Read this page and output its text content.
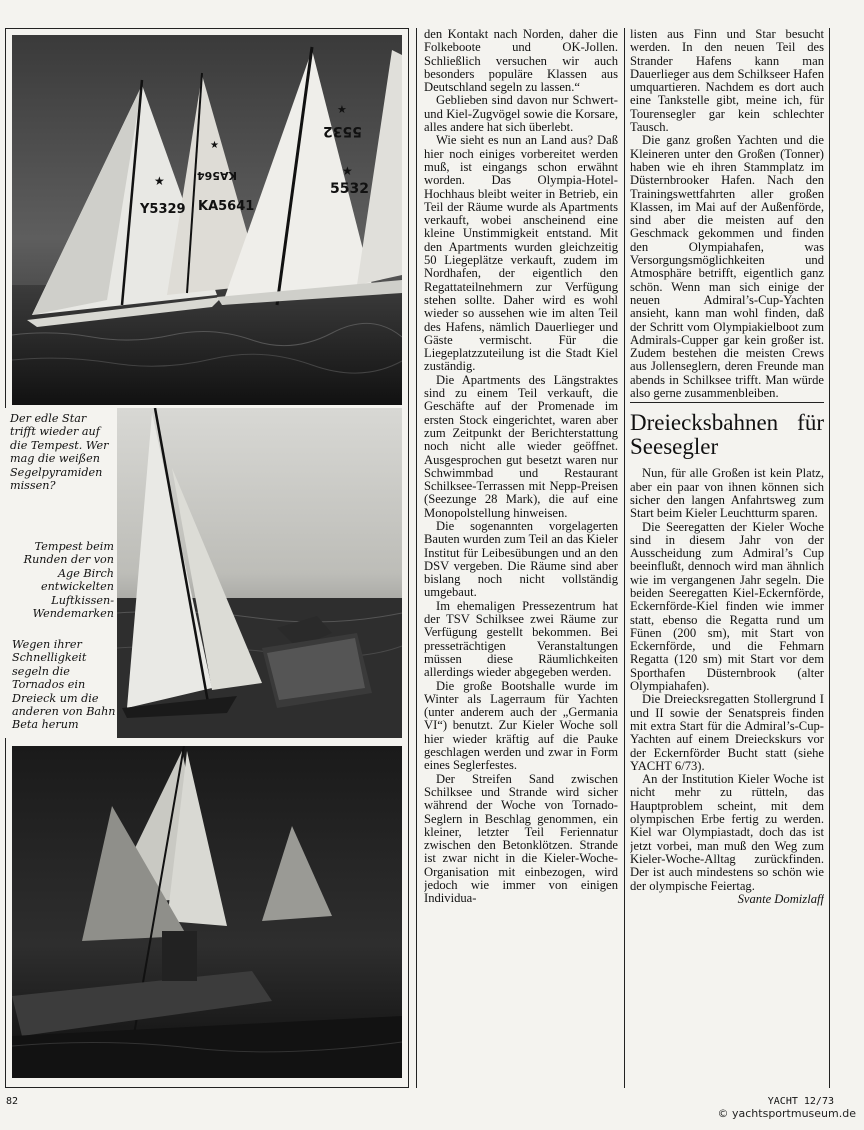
★
★
★
★
Y5329
KA564
KA5641
5532
5532
Der edle Star trifft wieder auf die Tempest. Wer mag die weißen Segelpyramiden missen?
Tempest beim Runden der von Age Birch entwickelten Luftkissen-Wendemarken
Wegen ihrer Schnelligkeit segeln die Tornados ein Dreieck um die anderen von Bahn Beta herum

den Kontakt nach Norden, daher die Folkeboote und OK-Jollen. Schließlich versuchen wir auch besonders populäre Klassen aus Deutschland segeln zu lassen.“

Geblieben sind davon nur Schwert- und Kiel-Zugvögel sowie die Korsare, alles andere hat sich überlebt.

Wie sieht es nun an Land aus? Daß hier noch einiges vorbereitet werden muß, ist eingangs schon erwähnt worden. Das Olympia-Hotel-Hochhaus bleibt weiter in Betrieb, ein Teil der Räume wurde als Apartments verkauft, wobei anscheinend eine kleine Unstimmigkeit entstand. Mit den Apartments wurden gleichzeitig 50 Liegeplätze verkauft, zudem im Nordhafen, der eigentlich den Regattateilnehmern zur Verfügung stehen sollte. Daher wird es wohl wieder so aussehen wie im alten Teil des Hafens, nämlich Dauerlieger und Gäste vermischt. Für die Liegeplatzzuteilung ist die Stadt Kiel zuständig.

Die Apartments des Längstraktes sind zu einem Teil verkauft, die Geschäfte auf der Promenade im ersten Stock eingerichtet, waren aber zum Zeitpunkt der Berichterstattung noch nicht alle wieder geöffnet. Ausgesprochen gut besetzt waren nur Schwimmbad und Restaurant Schilksee-Terrassen mit Nepp-Preisen (Seezunge 28 Mark), die auf eine Monopolstellung hinweisen.

Die sogenannten vorgelagerten Bauten wurden zum Teil an das Kieler Institut für Leibesübungen und an den DSV vergeben. Die Räume sind aber bislang noch nicht vollständig umgebaut.

Im ehemaligen Pressezentrum hat der TSV Schilksee zwei Räume zur Verfügung gestellt bekommen. Bei presseträchtigen Veranstaltungen müssen diese Räumlichkeiten allerdings wieder abgegeben werden.

Die große Bootshalle wurde im Winter als Lagerraum für Yachten (unter anderem auch der „Germania VI“) benutzt. Zur Kieler Woche soll hier wieder kräftig auf die Pauke geschlagen werden und zwar in Form eines Seglerfestes.

Der Streifen Sand zwischen Schilksee und Strande wird sicher während der Woche von Tornado-Seglern in Beschlag genommen, ein kleiner, letzter Teil Feriennatur zwischen den Betonklötzen. Strande ist zwar nicht in die Kieler-Woche-Organisation mit einbezogen, wird jedoch wie immer von einigen Individua-

listen aus Finn und Star besucht werden. In den neuen Teil des Strander Hafens kann man Dauerlieger aus dem Schilkseer Hafen umquartieren. Nachdem es dort auch eine Tankstelle gibt, meine ich, für Tourensegler gar kein schlechter Tausch.

Die ganz großen Yachten und die Kleineren unter den Großen (Tonner) haben wie eh ihren Stammplatz im Düsternbrooker Hafen. Nach den Trainingswettfahrten aller großen Klassen, im Mai auf der Außenförde, sind aber die meisten auf den Geschmack gekommen und finden den Olympiahafen, was Versorgungsmöglichkeiten und Atmosphäre betrifft, eigentlich ganz schön. Wenn man sich einige der neuen Admiral’s-Cup-Yachten ansieht, kann man wohl finden, daß der Schritt vom Olympiakielboot zum Admirals-Cupper gar kein großer ist. Zudem bestehen die meisten Crews aus Jollenseglern, deren Freunde man abends in Schilksee trifft. Man würde also gerne zusammenbleiben.

Dreiecksbahnen für Seesegler

Nun, für alle Großen ist kein Platz, aber ein paar von ihnen können sich sicher den langen Anfahrtsweg zum Start beim Kieler Leuchtturm sparen.

Die Seeregatten der Kieler Woche sind in diesem Jahr von der Ausscheidung zum Admiral’s Cup beeinflußt, dennoch wird man ähnlich wie im vergangenen Jahr segeln. Die beiden Seeregatten Kiel-Eckernförde, Eckernförde-Kiel finden wie immer statt, ebenso die Regatta rund um Fünen (200 sm), mit Start von Eckernförde, und die Fehmarn Regatta (120 sm) mit Start vor dem Sporthafen Düsternbrook (alter Olympiahafen).

Die Dreiecksregatten Stollergrund I und II sowie der Senatspreis finden mit extra Start für die Admiral’s-Cup-Yachten auf einem Dreieckskurs vor der Eckernförder Bucht statt (siehe YACHT 6/73).

An der Institution Kieler Woche ist nicht mehr zu rütteln, das Hauptproblem scheint, mit dem olympischen Erbe fertig zu werden. Kiel war Olympiastadt, doch das ist jetzt vorbei, man muß den Weg zum Kieler-Woche-Alltag zurückfinden. Der ist auch mindestens so schön wie der olympische Feiertag.

Svante Domizlaff
82	YACHT 12/73
© yachtsportmuseum.de
